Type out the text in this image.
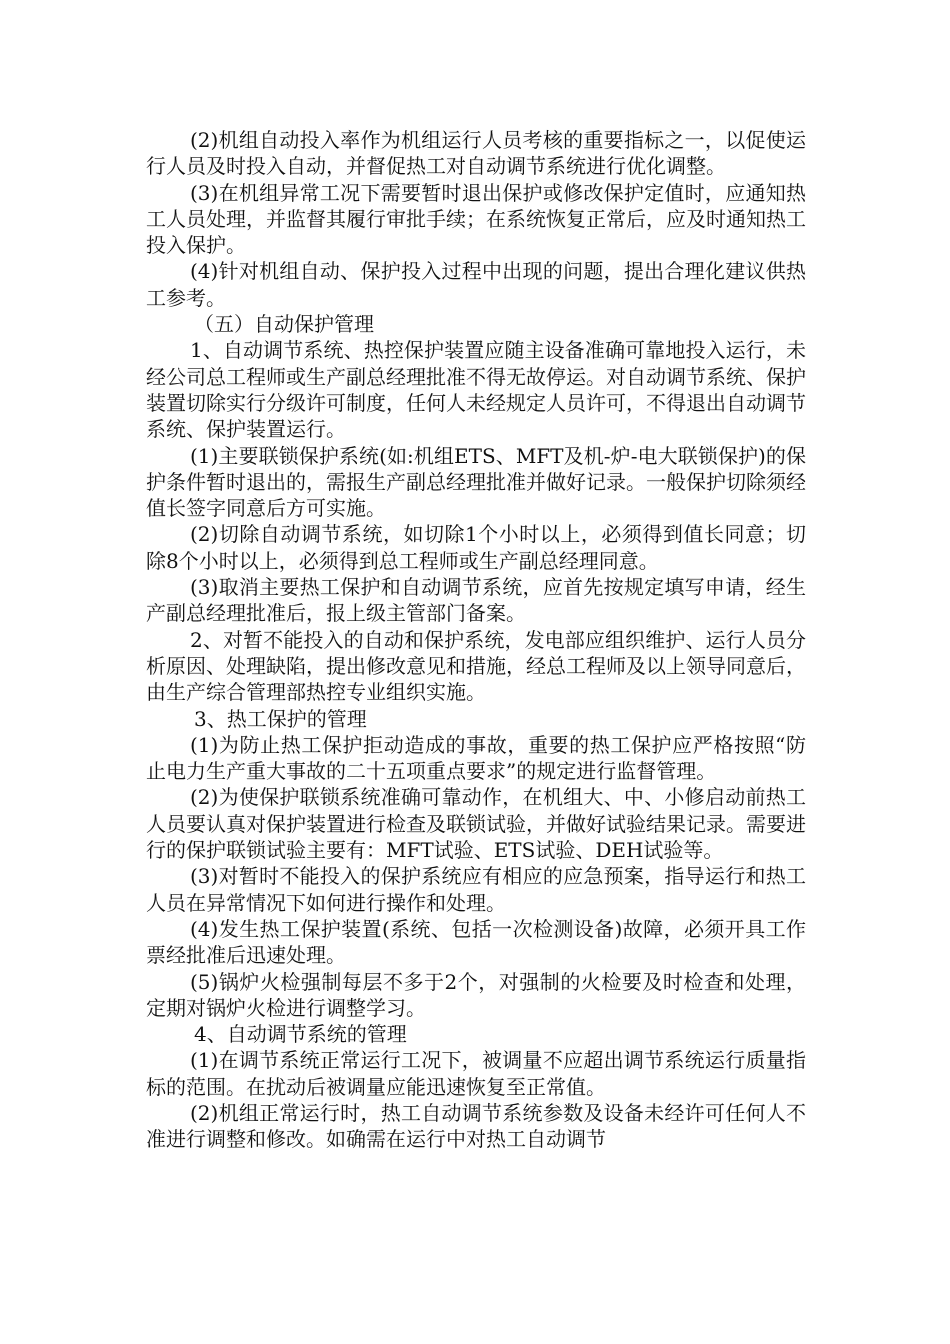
(2)机组自动投入率作为机组运行人员考核的重要指标之一，以促使运行人员及时投入自动，并督促热工对自动调节系统进行优化调整。

(3)在机组异常工况下需要暂时退出保护或修改保护定值时，应通知热工人员处理，并监督其履行审批手续；在系统恢复正常后，应及时通知热工投入保护。

(4)针对机组自动、保护投入过程中出现的问题，提出合理化建议供热工参考。

（五）自动保护管理

1、自动调节系统、热控保护装置应随主设备准确可靠地投入运行，未经公司总工程师或生产副总经理批准不得无故停运。对自动调节系统、保护装置切除实行分级许可制度，任何人未经规定人员许可，不得退出自动调节系统、保护装置运行。

(1)主要联锁保护系统(如:机组ETS、MFT及机-炉-电大联锁保护)的保护条件暂时退出的，需报生产副总经理批准并做好记录。一般保护切除须经值长签字同意后方可实施。

(2)切除自动调节系统，如切除1个小时以上，必须得到值长同意；切除8个小时以上，必须得到总工程师或生产副总经理同意。

(3)取消主要热工保护和自动调节系统，应首先按规定填写申请，经生产副总经理批准后，报上级主管部门备案。

2、对暂不能投入的自动和保护系统，发电部应组织维护、运行人员分析原因、处理缺陷，提出修改意见和措施，经总工程师及以上领导同意后，由生产综合管理部热控专业组织实施。

3、热工保护的管理

(1)为防止热工保护拒动造成的事故，重要的热工保护应严格按照“防止电力生产重大事故的二十五项重点要求”的规定进行监督管理。

(2)为使保护联锁系统准确可靠动作，在机组大、中、小修启动前热工人员要认真对保护装置进行检查及联锁试验，并做好试验结果记录。需要进行的保护联锁试验主要有：MFT试验、ETS试验、DEH试验等。

(3)对暂时不能投入的保护系统应有相应的应急预案，指导运行和热工人员在异常情况下如何进行操作和处理。

(4)发生热工保护装置(系统、包括一次检测设备)故障，必须开具工作票经批准后迅速处理。

(5)锅炉火检强制每层不多于2个，对强制的火检要及时检查和处理，定期对锅炉火检进行调整学习。

4、自动调节系统的管理

(1)在调节系统正常运行工况下，被调量不应超出调节系统运行质量指标的范围。在扰动后被调量应能迅速恢复至正常值。

(2)机组正常运行时，热工自动调节系统参数及设备未经许可任何人不准进行调整和修改。如确需在运行中对热工自动调节
